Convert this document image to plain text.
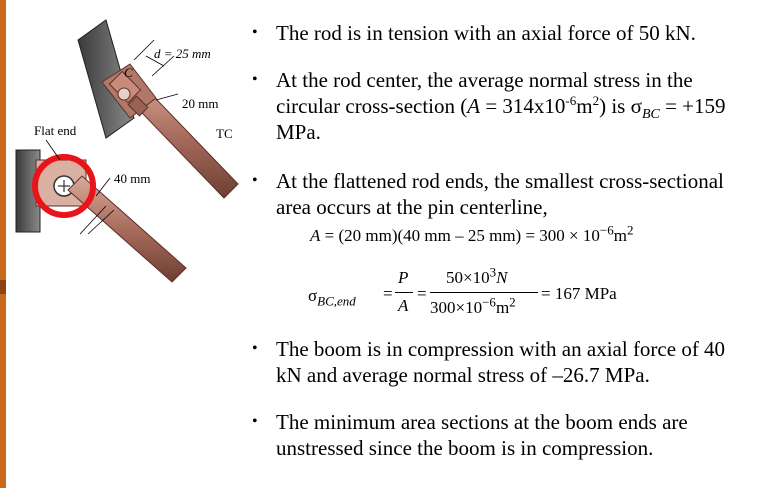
d = 25 mm
C
20 mm
Flat end	TC
40 mm
• The rod is in tension with an axial force of 50 kN.
• At the rod center, the average normal stress in the
circular cross-section $(A = 314x10^{-6}m^2)$ is $\sigma_{BC} = +159$
MPa.
• At the flattened rod ends, the smallest cross-sectional
area occurs at the pin centerline,
A = (20 mm)(40 mm – 25 $mm) = 300 \times 10^{-6}m^2$
$\sigma_{BC,end}$ =
P
A
=
$50\times 10^3N$
$300\times 10^{-6}m^2 = 167$ MPa
• The boom is in compression with an axial force of 40
kN and average normal stress of –26.7 MPa.
• The minimum area sections at the boom ends are
unstressed since the boom is in compression.
